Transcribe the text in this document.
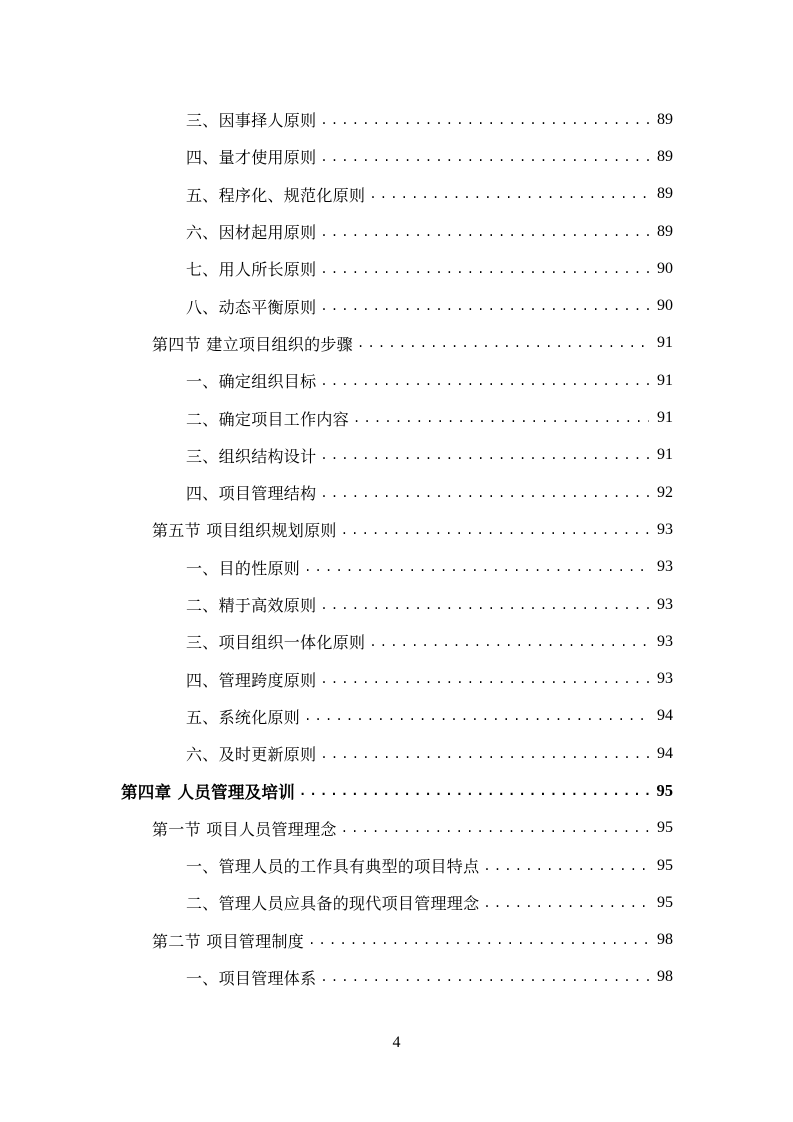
三、因事择人原则 . . .	89
四、量才使用原则 . . .	89
五、程序化、规范化原则 . . .	89
六、因材起用原则 . . .	89
七、用人所长原则 . . .	90
八、动态平衡原则 . . .	90
第四节 建立项目组织的步骤 . . .	91
一、确定组织目标 . . .	91
二、确定项目工作内容 . . .	91
三、组织结构设计 . . .	91
四、项目管理结构 . . .	92
第五节 项目组织规划原则 . . .	93
一、目的性原则 . . .	93
二、精于高效原则 . . .	93
三、项目组织一体化原则 . . .	93
四、管理跨度原则 . . .	93
五、系统化原则 . . .	94
六、及时更新原则 . . .	94
第四章 人员管理及培训 . . .	95
第一节 项目人员管理理念 . . .	95
一、管理人员的工作具有典型的项目特点 . . .	95
二、管理人员应具备的现代项目管理理念 . . .	95
第二节 项目管理制度 . . .	98
一、项目管理体系 . . .	98
4
